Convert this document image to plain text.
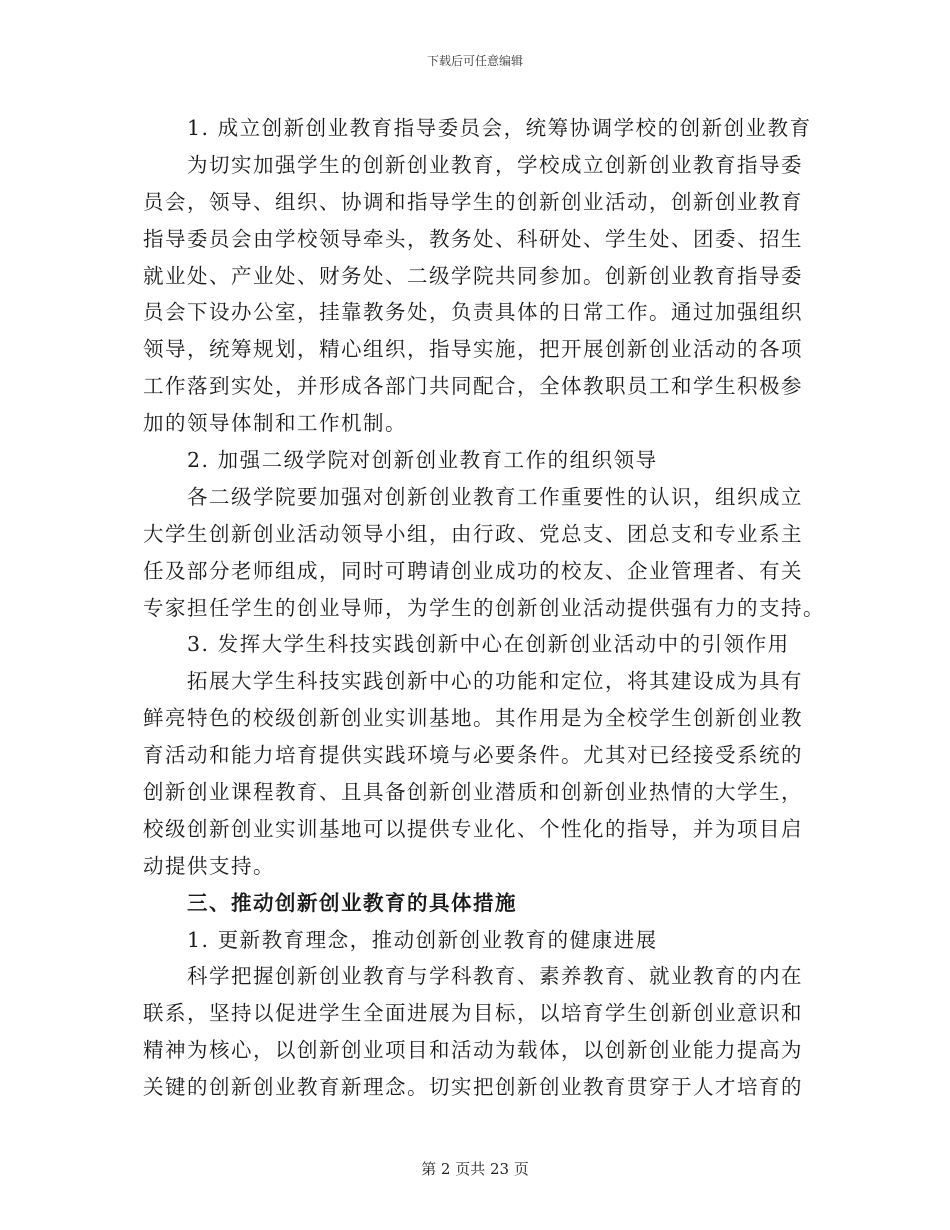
下载后可任意编辑
1. 成立创新创业教育指导委员会，统筹协调学校的创新创业教育
为切实加强学生的创新创业教育，学校成立创新创业教育指导委
员会，领导、组织、协调和指导学生的创新创业活动，创新创业教育
指导委员会由学校领导牵头，教务处、科研处、学生处、团委、招生
就业处、产业处、财务处、二级学院共同参加。创新创业教育指导委
员会下设办公室，挂靠教务处，负责具体的日常工作。通过加强组织
领导，统筹规划，精心组织，指导实施，把开展创新创业活动的各项
工作落到实处，并形成各部门共同配合，全体教职员工和学生积极参
加的领导体制和工作机制。
2. 加强二级学院对创新创业教育工作的组织领导
各二级学院要加强对创新创业教育工作重要性的认识，组织成立
大学生创新创业活动领导小组，由行政、党总支、团总支和专业系主
任及部分老师组成，同时可聘请创业成功的校友、企业管理者、有关
专家担任学生的创业导师，为学生的创新创业活动提供强有力的支持。
3. 发挥大学生科技实践创新中心在创新创业活动中的引领作用
拓展大学生科技实践创新中心的功能和定位，将其建设成为具有
鲜亮特色的校级创新创业实训基地。其作用是为全校学生创新创业教
育活动和能力培育提供实践环境与必要条件。尤其对已经接受系统的
创新创业课程教育、且具备创新创业潜质和创新创业热情的大学生，
校级创新创业实训基地可以提供专业化、个性化的指导，并为项目启
动提供支持。
三、推动创新创业教育的具体措施
1. 更新教育理念，推动创新创业教育的健康进展
科学把握创新创业教育与学科教育、素养教育、就业教育的内在
联系，坚持以促进学生全面进展为目标，以培育学生创新创业意识和
精神为核心，以创新创业项目和活动为载体，以创新创业能力提高为
关键的创新创业教育新理念。切实把创新创业教育贯穿于人才培育的
第 2 页共 23 页
